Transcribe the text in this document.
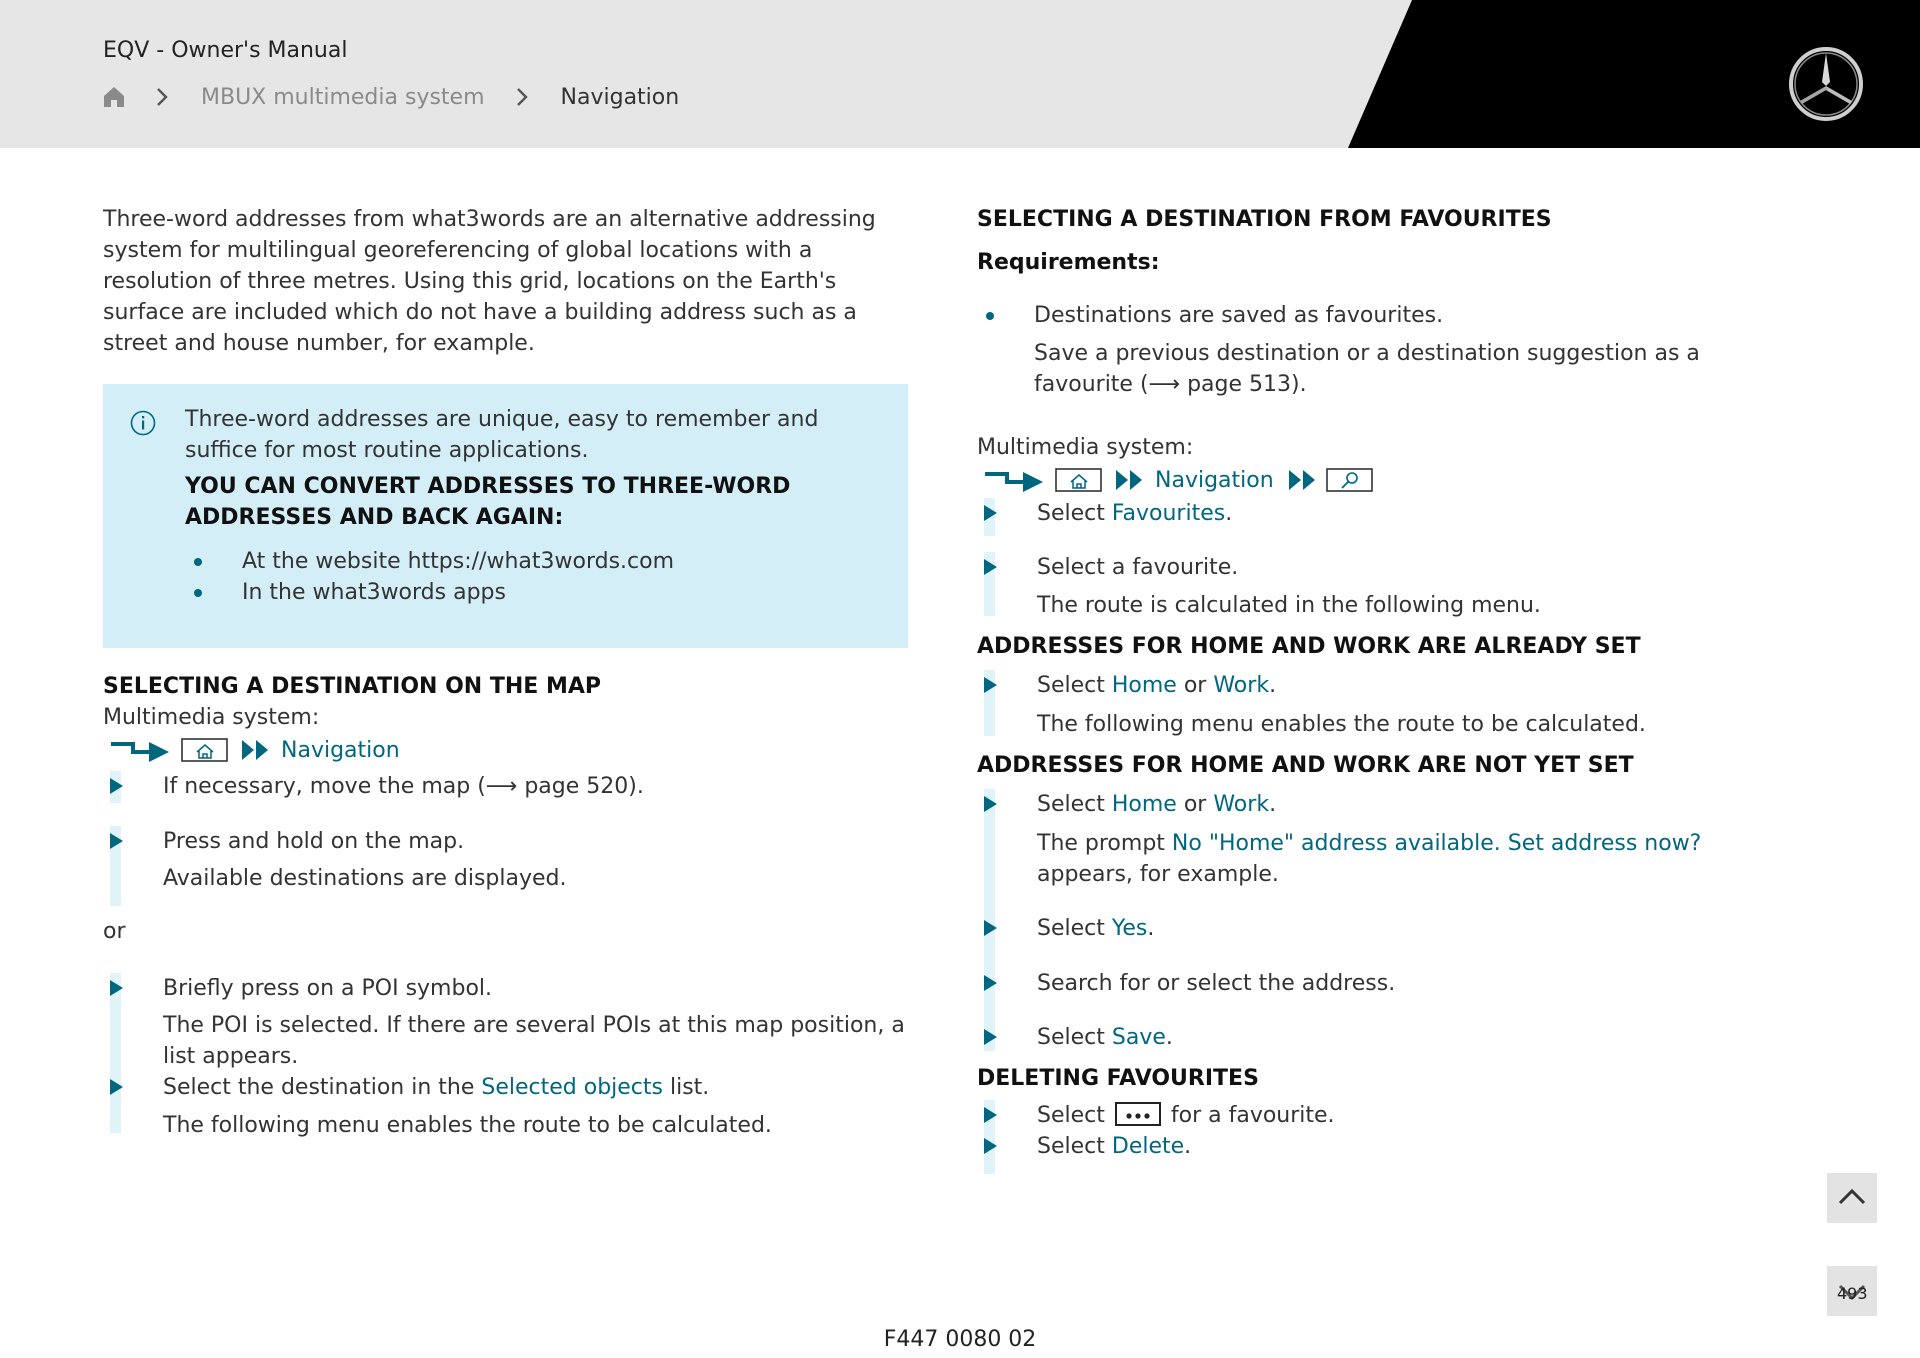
EQV - Owner's Manual
MBUX multimedia system	Navigation

Three-word addresses from what3words are an alternative addressing system for multilingual georeferencing of global locations with a resolution of three metres. Using this grid, locations on the Earth's surface are included which do not have a building address such as a street and house number, for example.

Three-word addresses are unique, easy to remember and suffice for most routine applications.

YOU CAN CONVERT ADDRESSES TO THREE-WORD ADDRESSES AND BACK AGAIN:

At the website https://what3words.com
In the what3words apps

SELECTING A DESTINATION ON THE MAP

Multimedia system:

Navigation

If necessary, move the map (⟶ page 520).

Press and hold on the map.

Available destinations are displayed.

or

Briefly press on a POI symbol.

The POI is selected. If there are several POIs at this map position, a list appears.

Select the destination in the Selected objects list.

The following menu enables the route to be calculated.

SELECTING A DESTINATION FROM FAVOURITES

Requirements:

Destinations are saved as favourites.

Save a previous destination or a destination suggestion as a favourite (⟶ page 513).

Multimedia system:

Navigation

Select Favourites.

Select a favourite.

The route is calculated in the following menu.

ADDRESSES FOR HOME AND WORK ARE ALREADY SET

Select Home or Work.

The following menu enables the route to be calculated.

ADDRESSES FOR HOME AND WORK ARE NOT YET SET

Select Home or Work.

The prompt No "Home" address available. Set address now? appears, for example.

Select Yes.

Search for or select the address.

Select Save.

DELETING FAVOURITES

Select  for a favourite.

Select Delete.

493
F447 0080 02
